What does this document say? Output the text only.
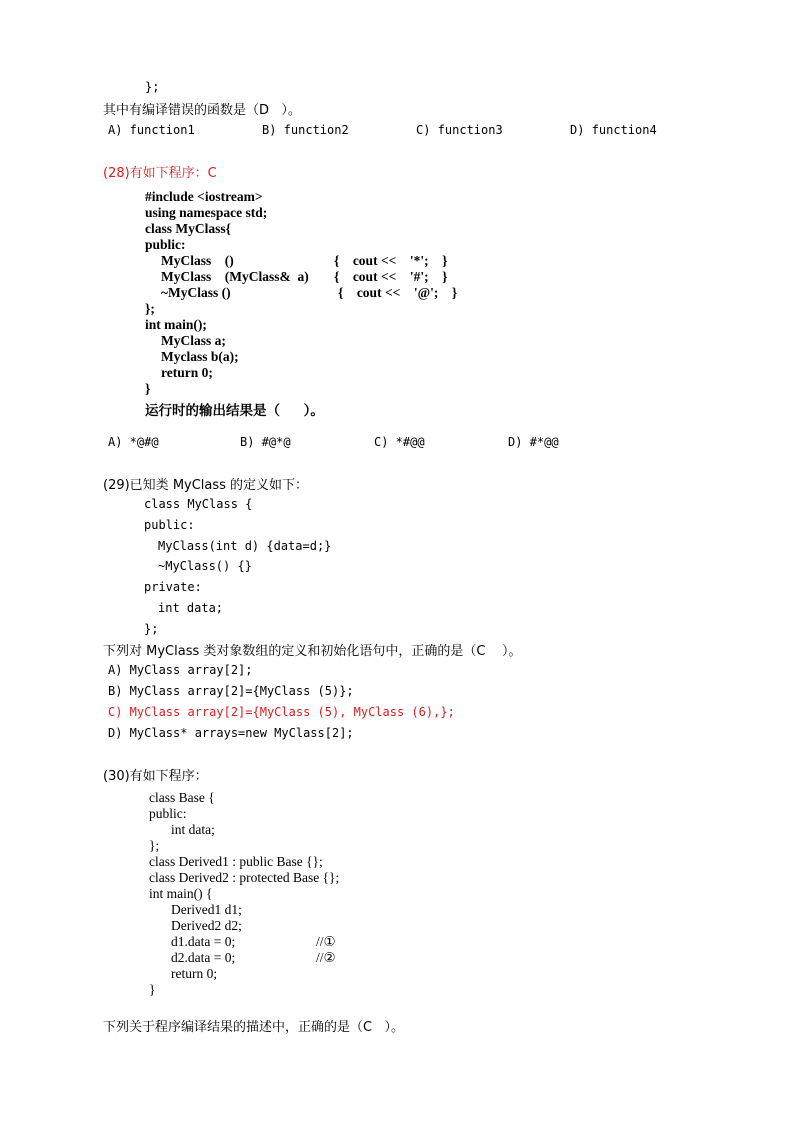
};
其中有编译错误的函数是（D   ）。
A) function1	B) function2	C) function3	D) function4
(28)有如下程序：C
#include <iostream>
using namespace std;
class MyClass{
public:
MyClass    ()	{    cout <<    '*';    }
MyClass    (MyClass&  a) {    cout <<    '#';    }
~MyClass ()	{    cout <<    '@';    }
};
int main();
MyClass a;
Myclass b(a);
return 0;
}
运行时的输出结果是（       ）。
A) *@#@	B) #@*@	C) *#@@	D) #*@@
(29)已知类 MyClass 的定义如下：
class MyClass {
public:
MyClass(int d) {data=d;}
~MyClass() {}
private:
int data;
};
下列对 MyClass 类对象数组的定义和初始化语句中，正确的是（C    ）。
A) MyClass array[2];
B) MyClass array[2]={MyClass (5)};
C) MyClass array[2]={MyClass (5), MyClass (6),};
D) MyClass* arrays=new MyClass[2];
(30)有如下程序：
class Base {
public:
int data;
};
class Derived1 : public Base {};
class Derived2 : protected Base {};
int main() {
Derived1 d1;
Derived2 d2;
d1.data = 0;	//①
d2.data = 0;	//②
return 0;
}
下列关于程序编译结果的描述中，正确的是（C   ）。
